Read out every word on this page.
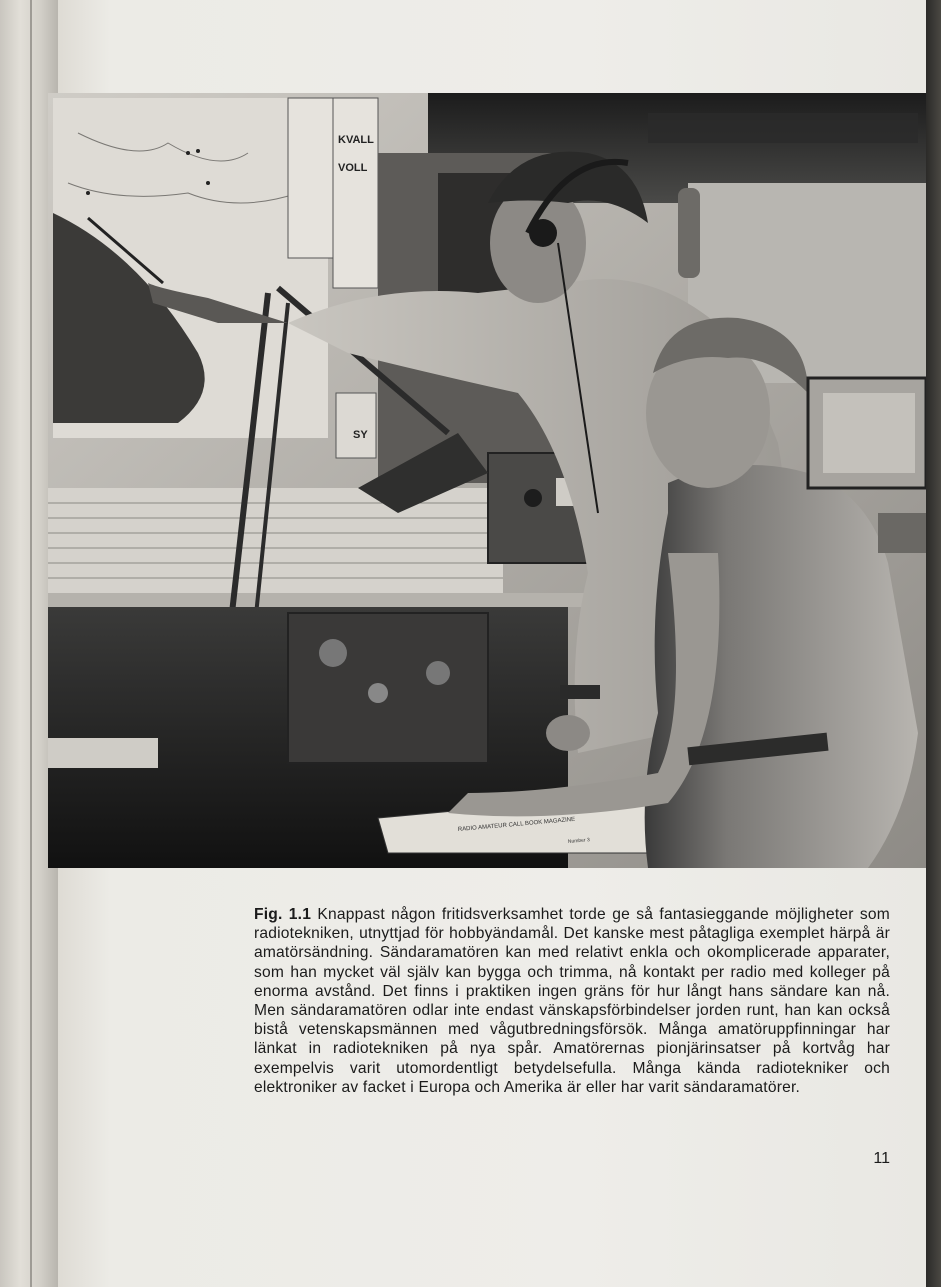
KVALL
VOLL
SY
RADIO AMATEUR CALL BOOK MAGAZINE
Number 3
Fig. 1.1 Knappast någon fritidsverksamhet torde ge så fantasieggande möjligheter som radiotekniken, utnyttjad för hobbyändamål. Det kanske mest påtagliga exemplet härpå är amatörsändning. Sändaramatören kan med relativt enkla och okomplicerade apparater, som han mycket väl själv kan bygga och trimma, nå kontakt per radio med kolleger på enorma avstånd. Det finns i praktiken ingen gräns för hur långt hans sändare kan nå. Men sändaramatören odlar inte endast vänskapsförbindelser jorden runt, han kan också bistå vetenskapsmännen med vågutbredningsförsök. Många amatöruppfinningar har länkat in radiotekniken på nya spår. Amatörernas pionjärinsatser på kortvåg har exempelvis varit utomordentligt betydelsefulla. Många kända radiotekniker och elektroniker av facket i Europa och Amerika är eller har varit sändaramatörer.
11
